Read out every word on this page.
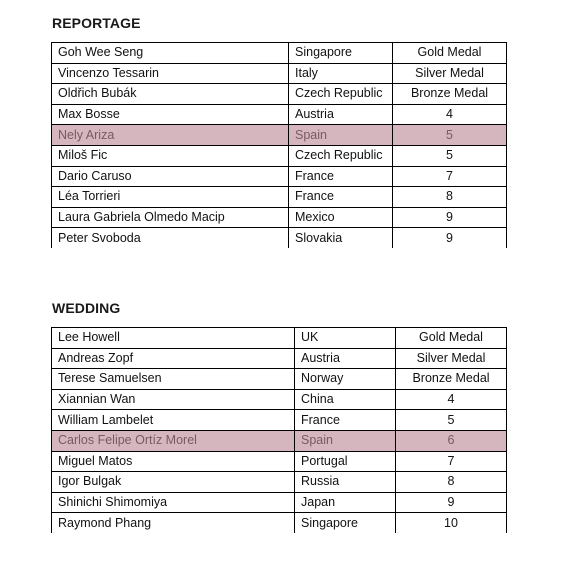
REPORTAGE
Goh Wee Seng	Singapore	Gold Medal
Vincenzo Tessarin	Italy	Silver Medal
Oldřich Bubák	Czech Republic	Bronze Medal
Max Bosse	Austria	4
Nely Ariza	Spain	5
Miloš Fic	Czech Republic	5
Dario Caruso	France	7
Léa Torrieri	France	8
Laura Gabriela Olmedo Macip	Mexico	9
Peter Svoboda	Slovakia	9
WEDDING
Lee Howell	UK	Gold Medal
Andreas Zopf	Austria	Silver Medal
Terese Samuelsen	Norway	Bronze Medal
Xiannian Wan	China	4
William Lambelet	France	5
Carlos Felipe Ortíz Morel	Spain	6
Miguel Matos	Portugal	7
Igor Bulgak	Russia	8
Shinichi Shimomiya	Japan	9
Raymond Phang	Singapore	10
